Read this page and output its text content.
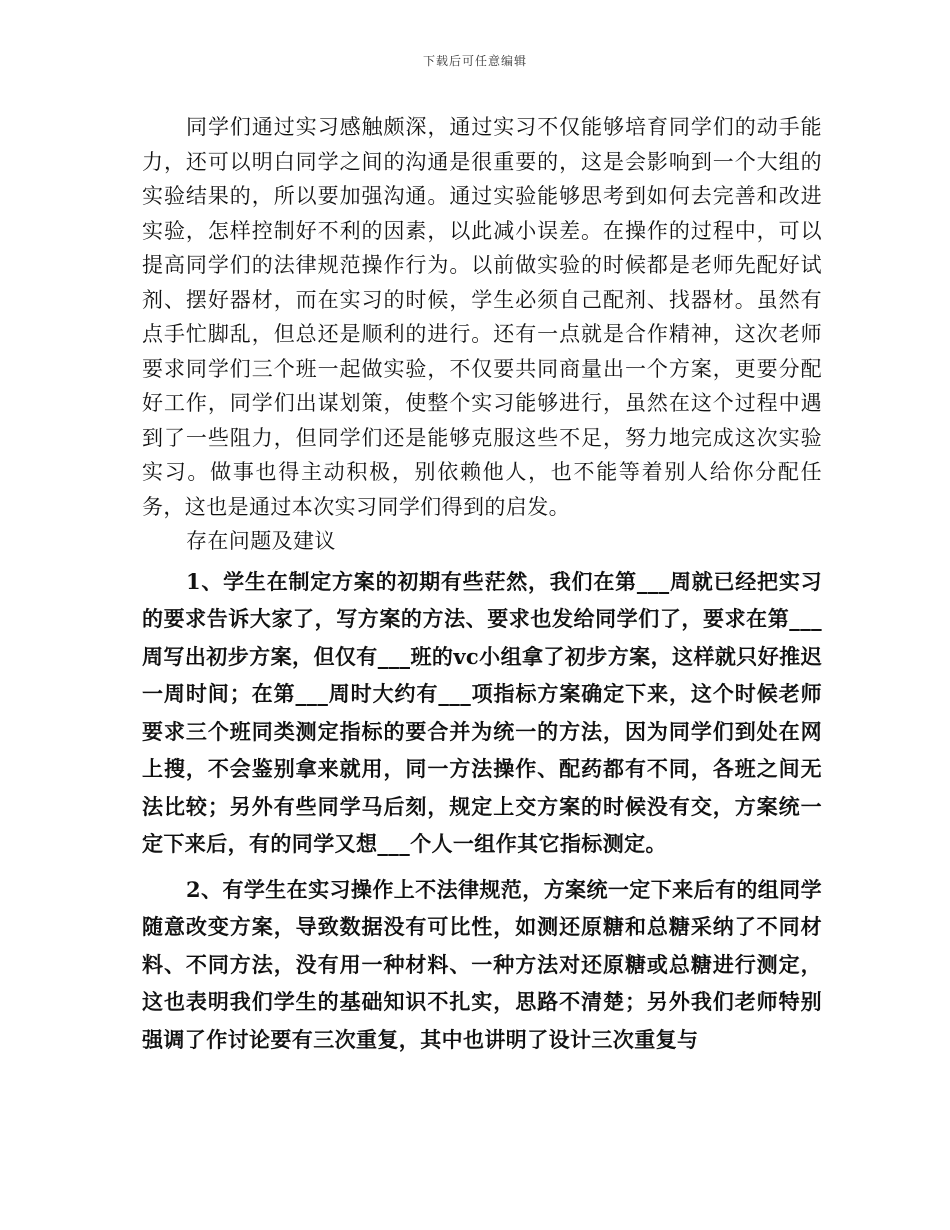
下载后可任意编辑

同学们通过实习感触颇深，通过实习不仅能够培育同学们的动手能力，还可以明白同学之间的沟通是很重要的，这是会影响到一个大组的实验结果的，所以要加强沟通。通过实验能够思考到如何去完善和改进实验，怎样控制好不利的因素，以此减小误差。在操作的过程中，可以提高同学们的法律规范操作行为。以前做实验的时候都是老师先配好试剂、摆好器材，而在实习的时候，学生必须自己配剂、找器材。虽然有点手忙脚乱，但总还是顺利的进行。还有一点就是合作精神，这次老师要求同学们三个班一起做实验，不仅要共同商量出一个方案，更要分配好工作，同学们出谋划策，使整个实习能够进行，虽然在这个过程中遇到了一些阻力，但同学们还是能够克服这些不足，努力地完成这次实验实习。做事也得主动积极，别依赖他人，也不能等着别人给你分配任务，这也是通过本次实习同学们得到的启发。

存在问题及建议

1、学生在制定方案的初期有些茫然，我们在第___周就已经把实习的要求告诉大家了，写方案的方法、要求也发给同学们了，要求在第___周写出初步方案，但仅有___班的vc小组拿了初步方案，这样就只好推迟一周时间；在第___周时大约有___项指标方案确定下来，这个时候老师要求三个班同类测定指标的要合并为统一的方法，因为同学们到处在网上搜，不会鉴别拿来就用，同一方法操作、配药都有不同，各班之间无法比较；另外有些同学马后刻，规定上交方案的时候没有交，方案统一定下来后，有的同学又想___个人一组作其它指标测定。

2、有学生在实习操作上不法律规范，方案统一定下来后有的组同学随意改变方案，导致数据没有可比性，如测还原糖和总糖采纳了不同材料、不同方法，没有用一种材料、一种方法对还原糖或总糖进行测定，这也表明我们学生的基础知识不扎实，思路不清楚；另外我们老师特别强调了作讨论要有三次重复，其中也讲明了设计三次重复与
